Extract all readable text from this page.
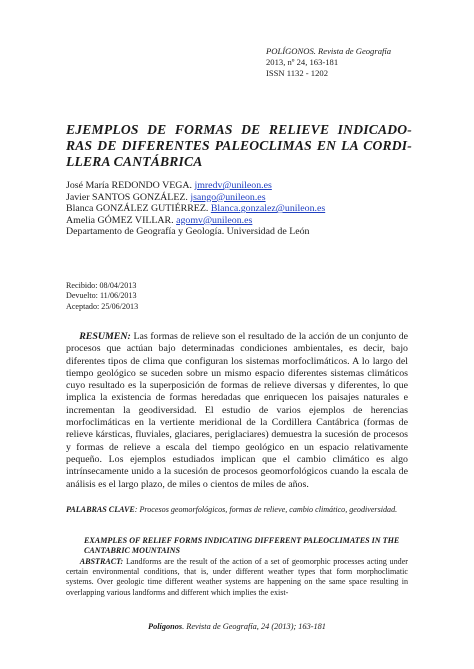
POLÍGONOS. Revista de Geografía
2013, nº 24, 163-181
ISSN 1132 - 1202
EJEMPLOS DE FORMAS DE RELIEVE INDICADO-RAS DE DIFERENTES PALEOCLIMAS EN LA CORDI-LLERA CANTÁBRICA
José María REDONDO VEGA. jmredv@unileon.es
Javier SANTOS GONZÁLEZ. jsango@unileon.es
Blanca GONZÁLEZ GUTIÉRREZ. Blanca.gonzalez@unileon.es
Amelia GÓMEZ VILLAR. agomv@unileon.es
Departamento de Geografía y Geología. Universidad de León
Recibido: 08/04/2013
Devuelto: 11/06/2013
Aceptado: 25/06/2013

RESUMEN: Las formas de relieve son el resultado de la acción de un conjunto de procesos que actúan bajo determinadas condiciones ambientales, es decir, bajo diferentes tipos de clima que configuran los sistemas morfoclimáticos. A lo largo del tiempo geológico se suceden sobre un mismo espacio diferentes sistemas climáticos cuyo resultado es la superposición de formas de relieve diversas y diferentes, lo que implica la existencia de formas heredadas que enriquecen los paisajes naturales e incrementan la geodiversidad. El estudio de varios ejemplos de herencias morfoclimáticas en la vertiente meridional de la Cordillera Cantábrica (formas de relieve kársticas, fluviales, glaciares, periglaciares) demuestra la sucesión de procesos y formas de relieve a escala del tiempo geológico en un espacio relativamente pequeño. Los ejemplos estudiados implican que el cambio climático es algo intrínsecamente unido a la sucesión de procesos geomorfológicos cuando la escala de análisis es el largo plazo, de miles o cientos de miles de años.

PALABRAS CLAVE: Procesos geomorfológicos, formas de relieve, cambio climático, geodiversidad.

EXAMPLES OF RELIEF FORMS INDICATING DIFFERENT PALEOCLIMATES IN THE CANTABRIC MOUNTAINS

ABSTRACT: Landforms are the result of the action of a set of geomorphic processes acting under certain environmental conditions, that is, under different weather types that form morphoclimatic systems. Over geologic time different weather systems are happening on the same space resulting in overlapping various landforms and different which implies the exist-

Polígonos. Revista de Geografía, 24 (2013); 163-181
